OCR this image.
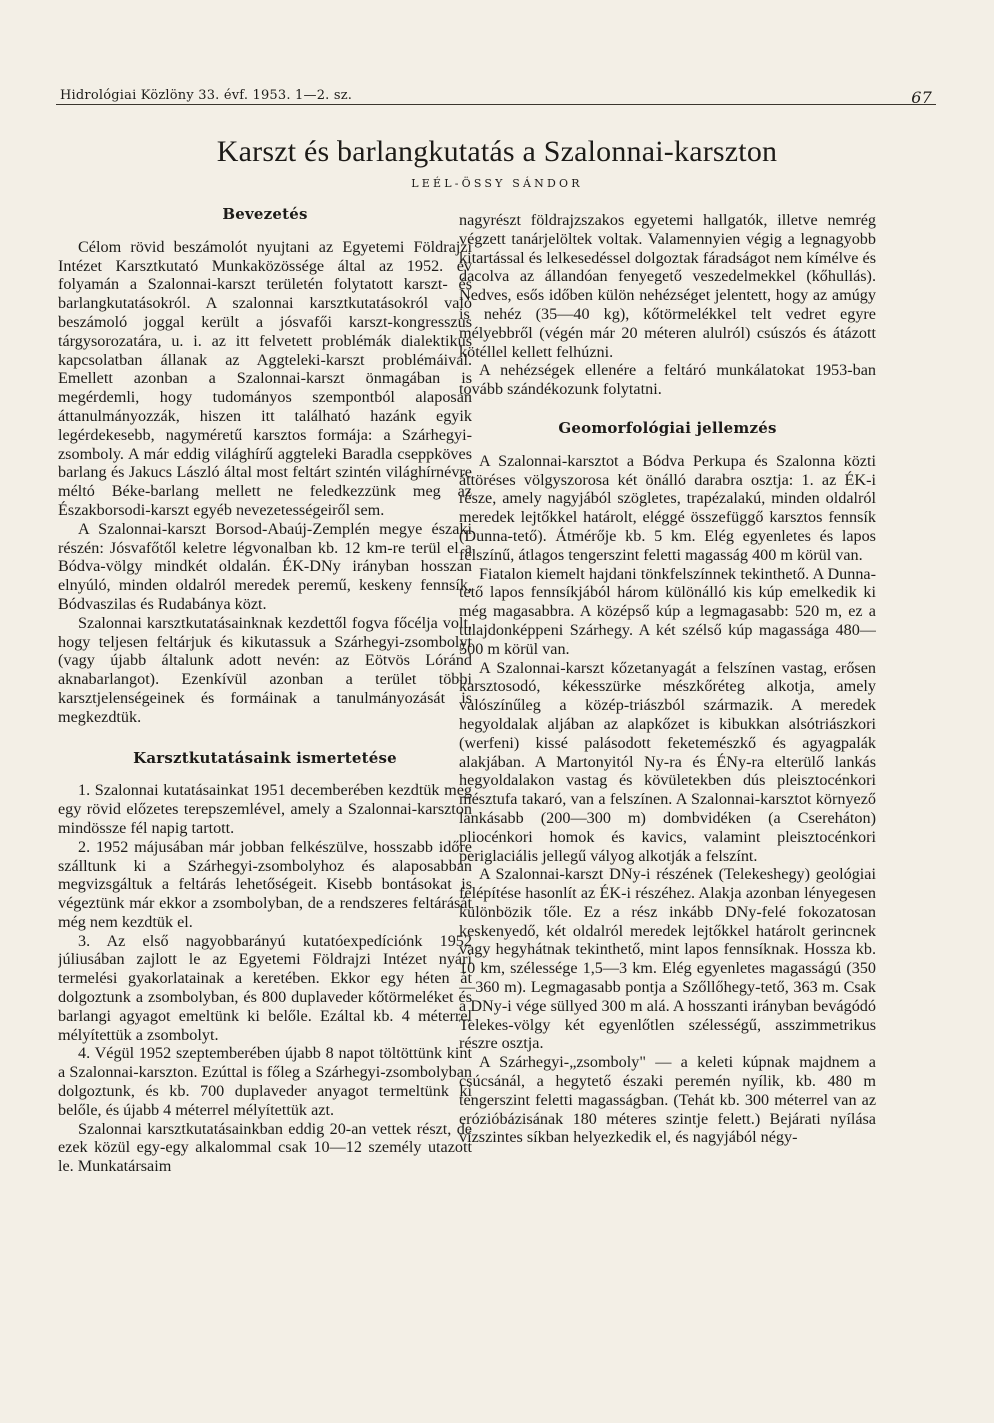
Hidrológiai Közlöny 33. évf. 1953. 1—2. sz.	67
Karszt és barlangkutatás a Szalonnai-karszton
LEÉL-ÖSSY SÁNDOR
Bevezetés

Célom rövid beszámolót nyujtani az Egyetemi Földrajzi Intézet Karsztkutató Munkaközössége által az 1952. év folyamán a Szalonnai-karszt területén folytatott karszt- és barlangkutatásokról. A szalonnai karsztkutatásokról való beszámoló joggal került a jósvafői karszt-kongresszus tárgysorozatára, u. i. az itt felvetett problémák dialektikus kapcsolatban állanak az Aggteleki-karszt problémáival. Emellett azonban a Szalonnai-karszt önmagában is megérdemli, hogy tudományos szempontból alaposan áttanulmányozzák, hiszen itt található hazánk egyik legérdekesebb, nagyméretű karsztos formája: a Szárhegyi-zsomboly. A már eddig világhírű aggteleki Baradla cseppköves barlang és Jakucs László által most feltárt szintén világhírnévre méltó Béke-barlang mellett ne feledkezzünk meg az Északborsodi-karszt egyéb nevezetességeiről sem.

A Szalonnai-karszt Borsod-Abaúj-Zemplén megye északi részén: Jósvafőtől keletre légvonalban kb. 12 km-re terül el a Bódva-völgy mindkét oldalán. ÉK-DNy irányban hosszan elnyúló, minden oldalról meredek peremű, keskeny fennsík, Bódvaszilas és Rudabánya közt.

Szalonnai karsztkutatásainknak kezdettől fogva főcélja volt, hogy teljesen feltárjuk és kikutassuk a Szárhegyi-zsombolyt (vagy újabb általunk adott nevén: az Eötvös Lóránd aknabarlangot). Ezenkívül azonban a terület többi karsztjelenségeinek és formáinak a tanulmányozását is megkezdtük.

Karsztkutatásaink ismertetése

1. Szalonnai kutatásainkat 1951 decemberében kezdtük meg egy rövid előzetes terepszemlével, amely a Szalonnai-karszton mindössze fél napig tartott.

2. 1952 májusában már jobban felkészülve, hosszabb időre szálltunk ki a Szárhegyi-zsombolyhoz és alaposabban megvizsgáltuk a feltárás lehetőségeit. Kisebb bontásokat is végeztünk már ekkor a zsombolyban, de a rendszeres feltárását még nem kezdtük el.

3. Az első nagyobbarányú kutatóexpedíciónk 1952 júliusában zajlott le az Egyetemi Földrajzi Intézet nyári termelési gyakorlatainak a keretében. Ekkor egy héten át dolgoztunk a zsombolyban, és 800 duplaveder kőtörmeléket és barlangi agyagot emeltünk ki belőle. Ezáltal kb. 4 méterrel mélyítettük a zsombolyt.

4. Végül 1952 szeptemberében újabb 8 napot töltöttünk kint a Szalonnai-karszton. Ezúttal is főleg a Szárhegyi-zsombolyban dolgoztunk, és kb. 700 duplaveder anyagot termeltünk ki belőle, és újabb 4 méterrel mélyítettük azt.

Szalonnai karsztkutatásainkban eddig 20-an vettek részt, de ezek közül egy-egy alkalommal csak 10—12 személy utazott le. Munkatársaim

nagyrészt földrajzszakos egyetemi hallgatók, illetve nemrég végzett tanárjelöltek voltak. Valamennyien végig a legnagyobb kitartással és lelkesedéssel dolgoztak fáradságot nem kímélve és dacolva az állandóan fenyegető veszedelmekkel (kőhullás). Nedves, esős időben külön nehézséget jelentett, hogy az amúgy is nehéz (35—40 kg), kőtörmelékkel telt vedret egyre mélyebbről (végén már 20 méteren alulról) csúszós és átázott kötéllel kellett felhúzni.

A nehézségek ellenére a feltáró munkálatokat 1953-ban tovább szándékozunk folytatni.

Geomorfológiai jellemzés

A Szalonnai-karsztot a Bódva Perkupa és Szalonna közti áttöréses völgyszorosa két önálló darabra osztja: 1. az ÉK-i része, amely nagyjából szögletes, trapézalakú, minden oldalról meredek lejtőkkel határolt, eléggé összefüggő karsztos fennsík (Dunna-tető). Átmérője kb. 5 km. Elég egyenletes és lapos felszínű, átlagos tengerszint feletti magasság 400 m körül van.

Fiatalon kiemelt hajdani tönkfelszínnek tekinthető. A Dunna-tető lapos fennsíkjából három különálló kis kúp emelkedik ki még magasabbra. A középső kúp a legmagasabb: 520 m, ez a tulajdonképpeni Szárhegy. A két szélső kúp magassága 480—500 m körül van.

A Szalonnai-karszt kőzetanyagát a felszínen vastag, erősen karsztosodó, kékesszürke mészkőréteg alkotja, amely valószínűleg a közép-triászból származik. A meredek hegyoldalak aljában az alapkőzet is kibukkan alsótriászkori (werfeni) kissé palásodott feketemészkő és agyagpalák alakjában. A Martonyitól Ny-ra és ÉNy-ra elterülő lankás hegyoldalakon vastag és kövületekben dús pleisztocénkori mésztufa takaró, van a felszínen. A Szalonnai-karsztot környező lankásabb (200—300 m) dombvidéken (a Csereháton) pliocénkori homok és kavics, valamint pleisztocénkori periglaciális jellegű vályog alkotják a felszínt.

A Szalonnai-karszt DNy-i részének (Telekeshegy) geológiai felépítése hasonlít az ÉK-i részéhez. Alakja azonban lényegesen különbözik tőle. Ez a rész inkább DNy-felé fokozatosan keskenyedő, két oldalról meredek lejtőkkel határolt gerincnek vagy hegyhátnak tekinthető, mint lapos fennsíknak. Hossza kb. 10 km, szélessége 1,5—3 km. Elég egyenletes magasságú (350—360 m). Legmagasabb pontja a Szőllőhegy-tető, 363 m. Csak a DNy-i vége süllyed 300 m alá. A hosszanti irányban bevágódó Telekes-völgy két egyenlőtlen szélességű, asszimmetrikus részre osztja.

A Szárhegyi-„zsomboly" — a keleti kúpnak majdnem a csúcsánál, a hegytető északi peremén nyílik, kb. 480 m tengerszint feletti magasságban. (Tehát kb. 300 méterrel van az erózióbázisának 180 méteres szintje felett.) Bejárati nyílása vízszintes síkban helyezkedik el, és nagyjából négy-
